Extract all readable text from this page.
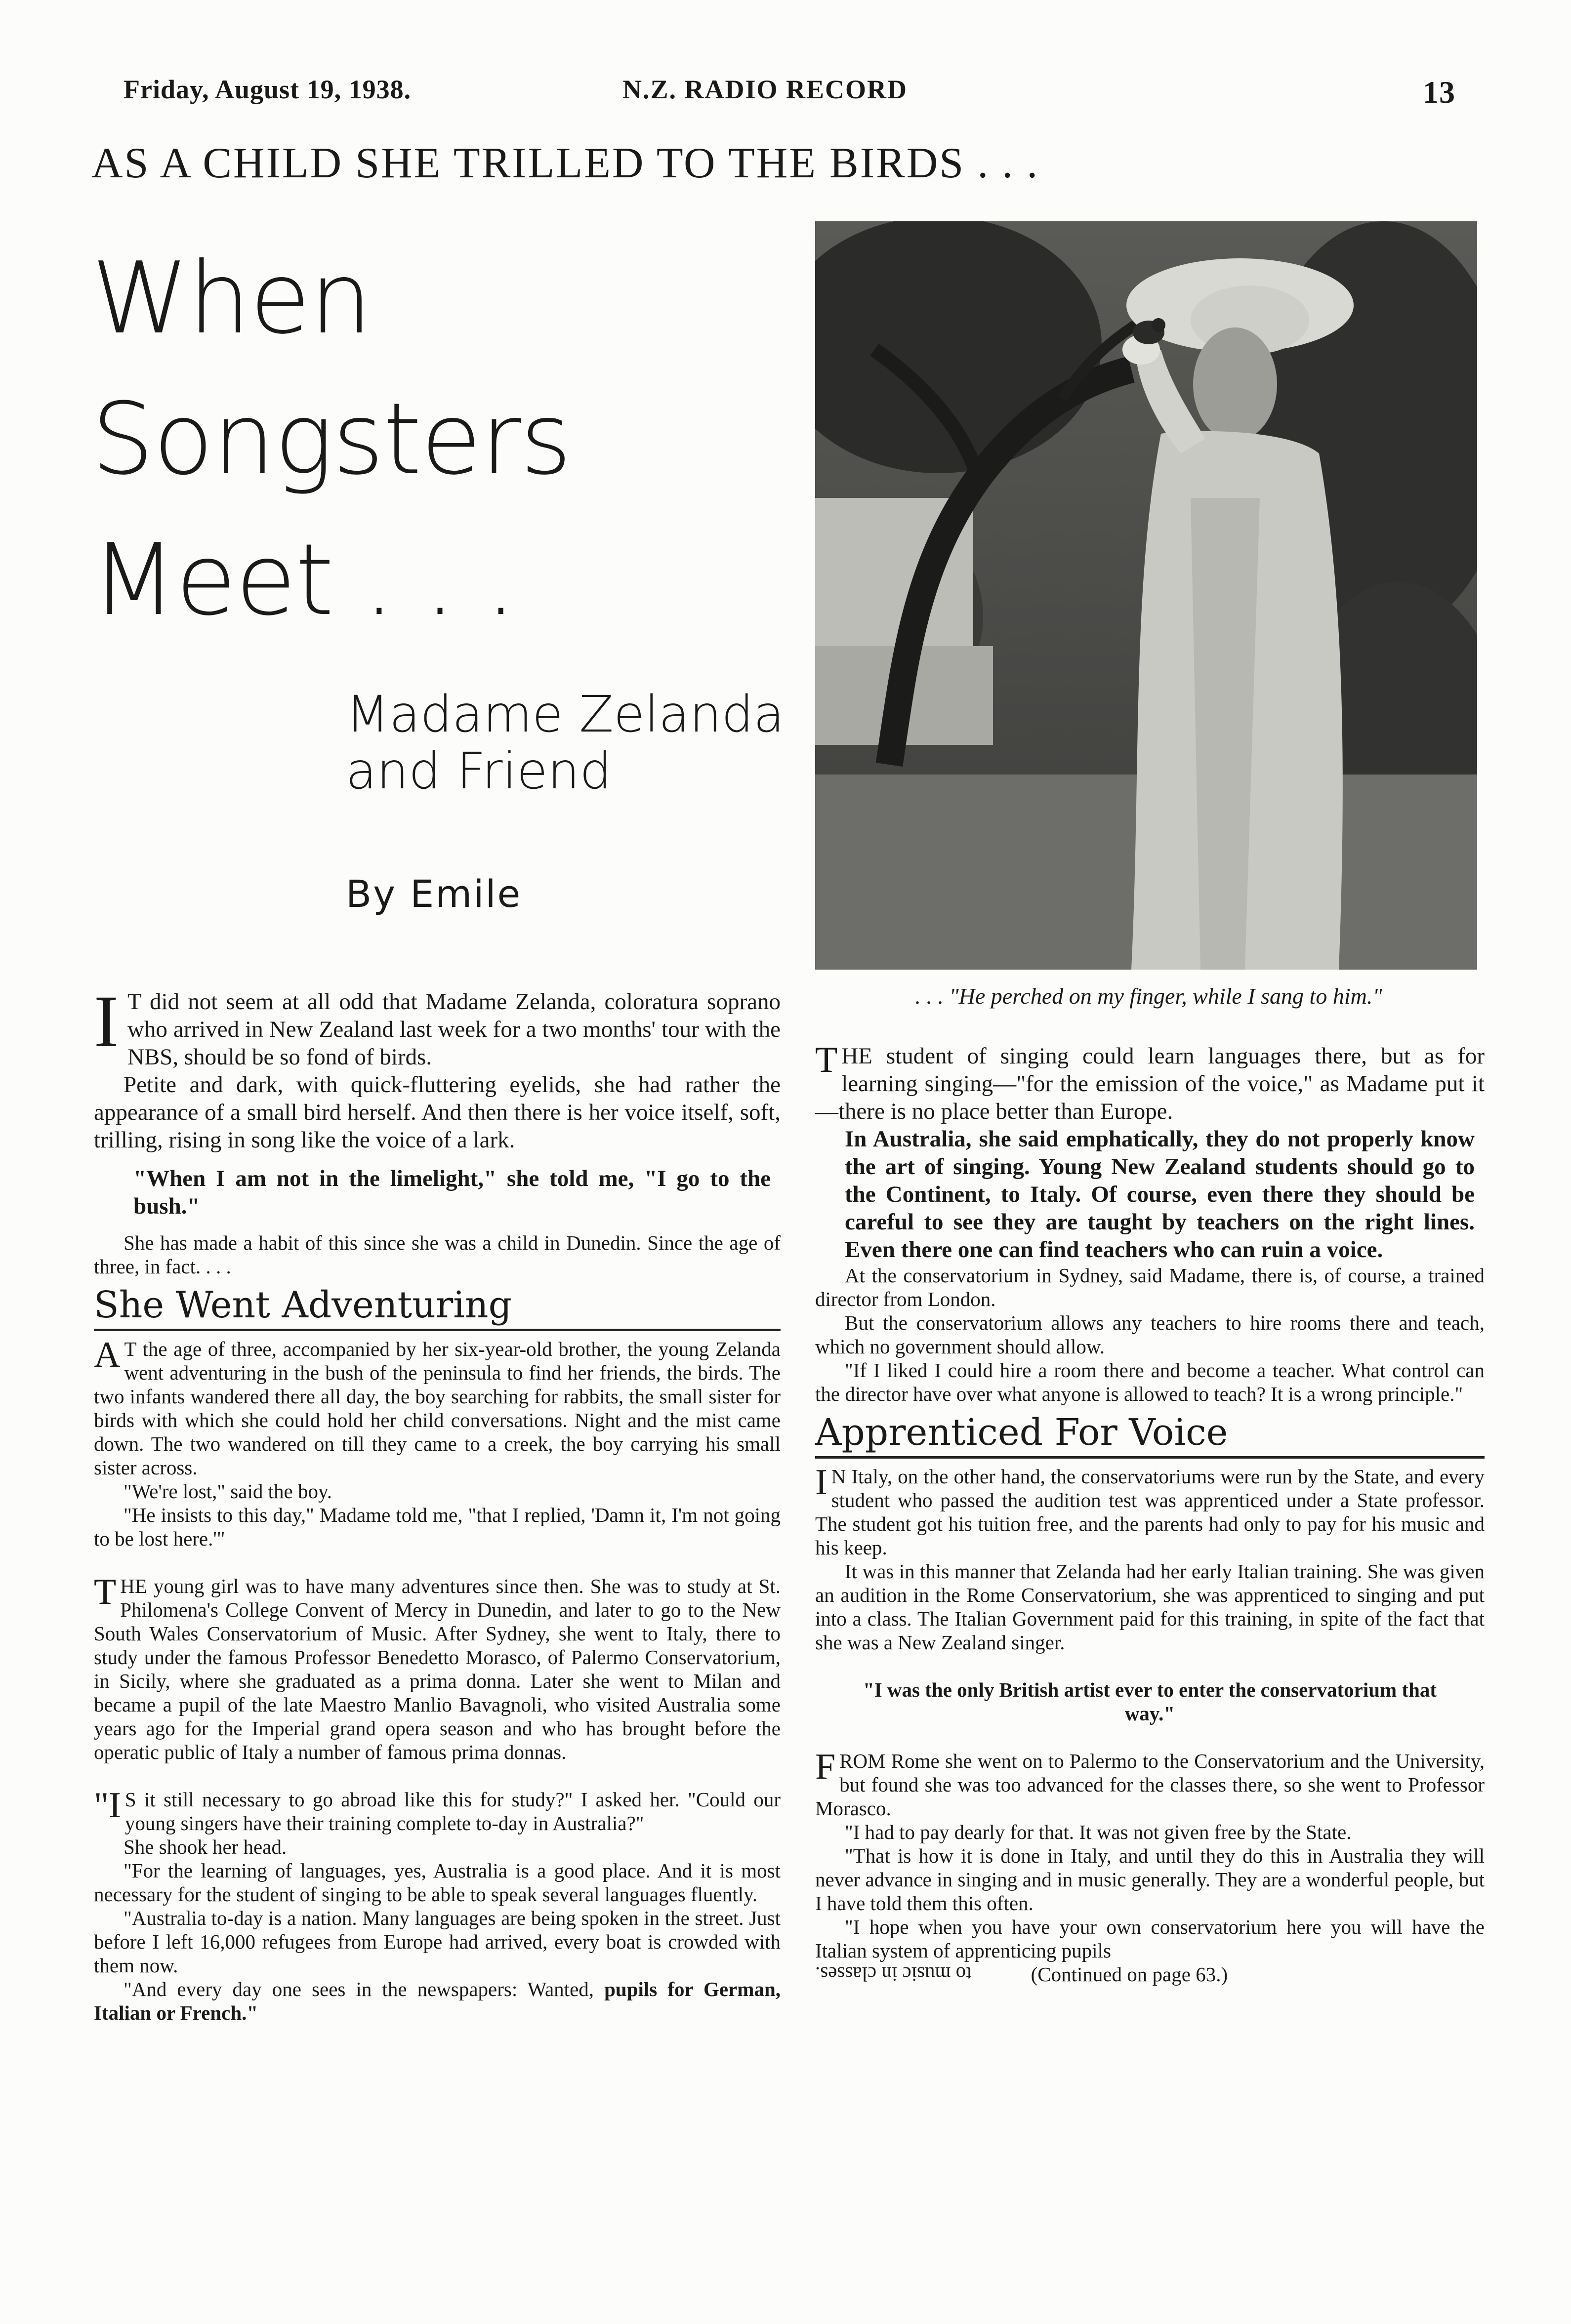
Friday, August 19, 1938.	N.Z. RADIO RECORD	13
AS A CHILD SHE TRILLED TO THE BIRDS . . .
When
Songsters
Meet . . .
Madame Zelanda
and Friend
By Emile
. . . "He perched on my finger, while I sang to him."

I T did not seem at all odd that Madame Zelanda, coloratura soprano who arrived in New Zealand last week for a two months' tour with the NBS, should be so fond of birds.

Petite and dark, with quick-fluttering eyelids, she had rather the appearance of a small bird herself. And then there is her voice itself, soft, trilling, rising in song like the voice of a lark.

"When I am not in the limelight," she told me, "I go to the bush."

She has made a habit of this since she was a child in Dunedin. Since the age of three, in fact. . . .

She Went Adventuring

A T the age of three, accompanied by her six-year-old brother, the young Zelanda went adventuring in the bush of the peninsula to find her friends, the birds. The two infants wandered there all day, the boy searching for rabbits, the small sister for birds with which she could hold her child conversations. Night and the mist came down. The two wandered on till they came to a creek, the boy carrying his small sister across.

"We're lost," said the boy.

"He insists to this day," Madame told me, "that I replied, 'Damn it, I'm not going to be lost here.'"

THE young girl was to have many adventures since then. She was to study at St. Philomena's College Convent of Mercy in Dunedin, and later to go to the New South Wales Conservatorium of Music. After Sydney, she went to Italy, there to study under the famous Professor Benedetto Morasco, of Palermo Conservatorium, in Sicily, where she graduated as a prima donna. Later she went to Milan and became a pupil of the late Maestro Manlio Bavagnoli, who visited Australia some years ago for the Imperial grand opera season and who has brought before the operatic public of Italy a number of famous prima donnas.

"I S it still necessary to go abroad like this for study?" I asked her. "Could our young singers have their training complete to-day in Australia?"

She shook her head.

"For the learning of languages, yes, Australia is a good place. And it is most necessary for the student of singing to be able to speak several languages fluently.

"Australia to-day is a nation. Many languages are being spoken in the street. Just before I left 16,000 refugees from Europe had arrived, every boat is crowded with them now.

"And every day one sees in the newspapers: Wanted, pupils for German, Italian or French."

THE student of singing could learn languages there, but as for learning singing—"for the emission of the voice," as Madame put it—there is no place better than Europe.

In Australia, she said emphatically, they do not properly know the art of singing. Young New Zealand students should go to the Continent, to Italy. Of course, even there they should be careful to see they are taught by teachers on the right lines. Even there one can find teachers who can ruin a voice.

At the conservatorium in Sydney, said Madame, there is, of course, a trained director from London.

But the conservatorium allows any teachers to hire rooms there and teach, which no government should allow.

"If I liked I could hire a room there and become a teacher. What control can the director have over what anyone is allowed to teach? It is a wrong principle."

Apprenticed For Voice

I N Italy, on the other hand, the conservatoriums were run by the State, and every student who passed the audition test was apprenticed under a State professor. The student got his tuition free, and the parents had only to pay for his music and his keep.

It was in this manner that Zelanda had her early Italian training. She was given an audition in the Rome Conservatorium, she was apprenticed to singing and put into a class. The Italian Government paid for this training, in spite of the fact that she was a New Zealand singer.

"I was the only British artist ever to enter the conservatorium that way."

FROM Rome she went on to Palermo to the Conservatorium and the University, but found she was too advanced for the classes there, so she went to Professor Morasco.

"I had to pay dearly for that. It was not given free by the State.

"That is how it is done in Italy, and until they do this in Australia they will never advance in singing and in music generally. They are a wonderful people, but I have told them this often.

"I hope when you have your own conservatorium here you will have the Italian system of apprenticing pupils

to music in classes.	(Continued on page 63.)
